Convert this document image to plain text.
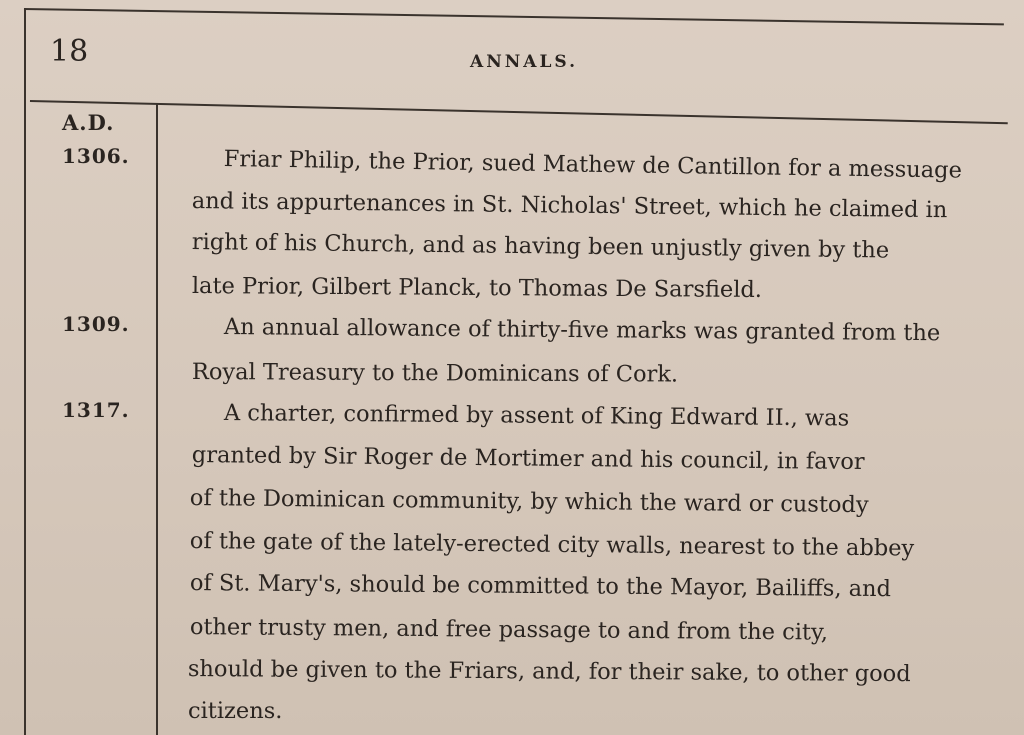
18	ANNALS.
A.D.
1306.	Friar Philip, the Prior, sued Mathew de Cantillon for a messuage
and its appurtenances in St. Nicholas' Street, which he claimed in
right of his Church, and as having been unjustly given by the
late Prior, Gilbert Planck, to Thomas De Sarsfield.
1309.	An annual allowance of thirty-five marks was granted from the
Royal Treasury to the Dominicans of Cork.
1317.	A charter, confirmed by assent of King Edward II., was
granted by Sir Roger de Mortimer and his council, in favor
of the Dominican community, by which the ward or custody
of the gate of the lately-erected city walls, nearest to the abbey
of St. Mary's, should be committed to the Mayor, Bailiffs, and
other trusty men, and free passage to and from the city,
should be given to the Friars, and, for their sake, to other good
citizens.
